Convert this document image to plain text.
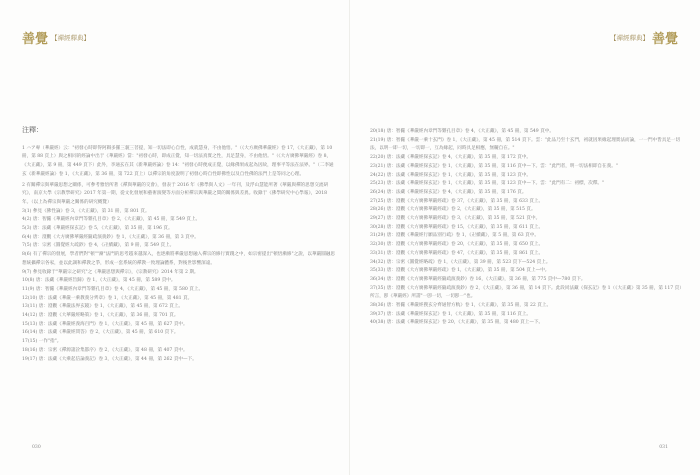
善覺 【禪經釋典】
注釋：
1 ハア專（華嚴經）云："初發心時即得阿耨多羅三藐三菩提，知一切法即心自性，成就慧身，不由他悟。"（《大方廣佛華嚴經》卷 17，《大正藏》，第 10 冊，第 88 頁上）與之相同的經論中出于《華嚴經》當："初發心時，即成正覺，知一切法真實之性，具足慧身，不由他悟。"（《大方廣佛華嚴經》卷 8，《大正藏》，第 9 冊，第 449 頁下）此外，李通玄在其《新華嚴經論》卷 14："初發心時便成正覺，以緣佛果成起為因故，理事平等法在法界。"（二李通玄《新華嚴經論》卷 1，《大正藏》，第 36 冊，第 722 頁上）以禪宗的角度說明了初發心時自性即佛性以及自性佛的法門上是等同之心理。
2 有關禪宗與華嚴思想之關係，可參考雅悟所著《禪與華嚴的交會》，發表于 2016 年《佛學與人文》一年刊，及浮山慧能所著《華嚴與禪的思想交流研究》，南京大學《宗教學研究》2017 年第一期，從文化發展和藝術演變等方面分析禪宗與華嚴之間的關係與差異。收錄于《佛學研究中心學報》，2018 年。（以上為禪宗與華嚴之關係的研究概覽）
3(1) 參見《佛性論》卷 3，《大正藏》，第 31 冊，第 801 頁。
4(2) 唐：智儼《華嚴經內章門等雜孔目章》卷 2，《大正藏》，第 45 冊，第 549 頁上。
5(3) 唐：法藏《華嚴經探玄記》卷 5，《大正藏》，第 35 冊，第 196 頁。
6(4) 唐：澄觀《大方廣佛華嚴經隨疏演義鈔》卷 1，《大正藏》，第 36 冊，第 3 頁中。
7(5) 唐：宗密《圓覺經大疏鈔》卷 4，《卍續藏》，第 9 冊，第 549 頁上。
8(6) 有了禪宗的發展，學者們對"頓""漸"法門的思考越來越深入，也逐漸將華嚴思想融入禪宗的修行實踐之中，如宗密提出"頓悟漸修"之說，以華嚴圓融思想統攝禪宗各家，並以此調和禪教之爭，形成一套系統的禪教一致理論體系，對後世影響深遠。
9(7) 參見收錄于"華嚴宗之研究"之《華嚴思想與禪宗》，《宗教研究》2014 年第 2 期。
10(8) 唐：法藏《華嚴經旨歸》卷 1，《大正藏》，第 45 冊，第 589 頁中。
11(9) 唐：智儼《華嚴經內章門等雜孔目章》卷 4，《大正藏》，第 45 冊，第 580 頁上。
12(10) 唐：法藏《華嚴一乘教義分齊章》卷 1，《大正藏》，第 45 冊，第 481 頁。
13(11) 唐：澄觀《華嚴法界玄鏡》卷 1，《大正藏》，第 45 冊，第 672 頁上。
14(12) 唐：澄觀《大華嚴經略策》卷 1，《大正藏》，第 36 冊，第 701 頁。
15(13) 唐：法藏《華嚴經義海百門》卷 1，《大正藏》，第 45 冊，第 627 頁中。
16(14) 唐：法藏《華嚴經問答》卷 2，《大正藏》，第 45 冊，第 610 頁下。
17(15) 一作"指"。
18(16) 唐：宗密《禪源諸詮集都序》卷 2，《大正藏》，第 48 冊，第 407 頁中。
19(17) 唐：法藏《大乘起信論義記》卷 3，《大正藏》，第 44 冊，第 262 頁中—下。
030
【禪經釋典】 善覺
20(18) 唐：智儼《華嚴經內章門等雜孔目章》卷 4，《大正藏》，第 45 冊，第 549 頁中。
21(19) 唐：智儼《華嚴一乘十玄門》卷 1，《大正藏》，第 45 冊，第 514 頁下。雲："此品乃至十玄門，初就因果緣起理實法而論，一一門中皆具足一切法，以明一即一切，一切即一，互為緣起，同時具足相應，無礙自在。"
22(20) 唐：法藏《華嚴經探玄記》卷 4，《大正藏》，第 35 冊，第 172 頁中。
23(21) 唐：法藏《華嚴經探玄記》卷 1，《大正藏》，第 35 冊，第 116 頁中—下。雲："此門者，明一切法相即自在義。"
24(22) 唐：法藏《華嚴經探玄記》卷 1，《大正藏》，第 35 冊，第 123 頁中。
25(23) 唐：法藏《華嚴經探玄記》卷 1，《大正藏》，第 35 冊，第 123 頁中—下。雲："此門有二：初標，次釋。"
26(24) 唐：法藏《華嚴經探玄記》卷 4，《大正藏》，第 35 冊，第 176 頁。
27(25) 唐：澄觀《大方廣佛華嚴經疏》卷 37，《大正藏》，第 35 冊，第 633 頁上。
28(26) 唐：澄觀《大方廣佛華嚴經疏》卷 2，《大正藏》，第 35 冊，第 515 頁。
29(27) 唐：澄觀《大方廣佛華嚴經疏》卷 3，《大正藏》，第 35 冊，第 521 頁中。
30(28) 唐：澄觀《大方廣佛華嚴經疏》卷 15，《大正藏》，第 35 冊，第 611 頁上。
31(29) 唐：澄觀《華嚴經行願品別行疏》卷 1，《卍續藏》，第 5 冊，第 63 頁中。
32(30) 唐：澄觀《大方廣佛華嚴經疏》卷 20，《大正藏》，第 35 冊，第 650 頁上。
33(31) 唐：澄觀《大方廣佛華嚴經疏》卷 47，《大正藏》，第 35 冊，第 861 頁上。
34(32) 唐：宗密《圓覺經略疏》卷 1，《大正藏》，第 39 冊，第 523 頁下—524 頁上。
35(33) 唐：澄觀《大方廣佛華嚴經疏》卷 1，《大正藏》，第 35 冊，第 504 頁上—中。
36(34) 唐：澄觀《大方廣佛華嚴經隨疏演義鈔》卷 16，《大正藏》，第 36 冊，第 775 頁中—780 頁下。
37(35) 唐：澄觀《大方廣佛華嚴經隨疏演義鈔》卷 2，《大正藏》，第 36 冊，第 14 頁下。此段同法藏《探玄記》卷 1（《大正藏》第 35 冊，第 117 頁）所言，卽《華嚴經》所謂"一卽一切，一切卽一"也。
38(36) 唐：智儼《華嚴經搜玄分齊通智方軌》卷 1，《大正藏》，第 35 冊，第 22 頁上。
39(37) 唐：法藏《華嚴經探玄記》卷 1，《大正藏》，第 35 冊，第 116 頁上。
40(38) 唐：法藏《華嚴經探玄記》卷 20，《大正藏》，第 35 冊，第 480 頁上—下。
031
